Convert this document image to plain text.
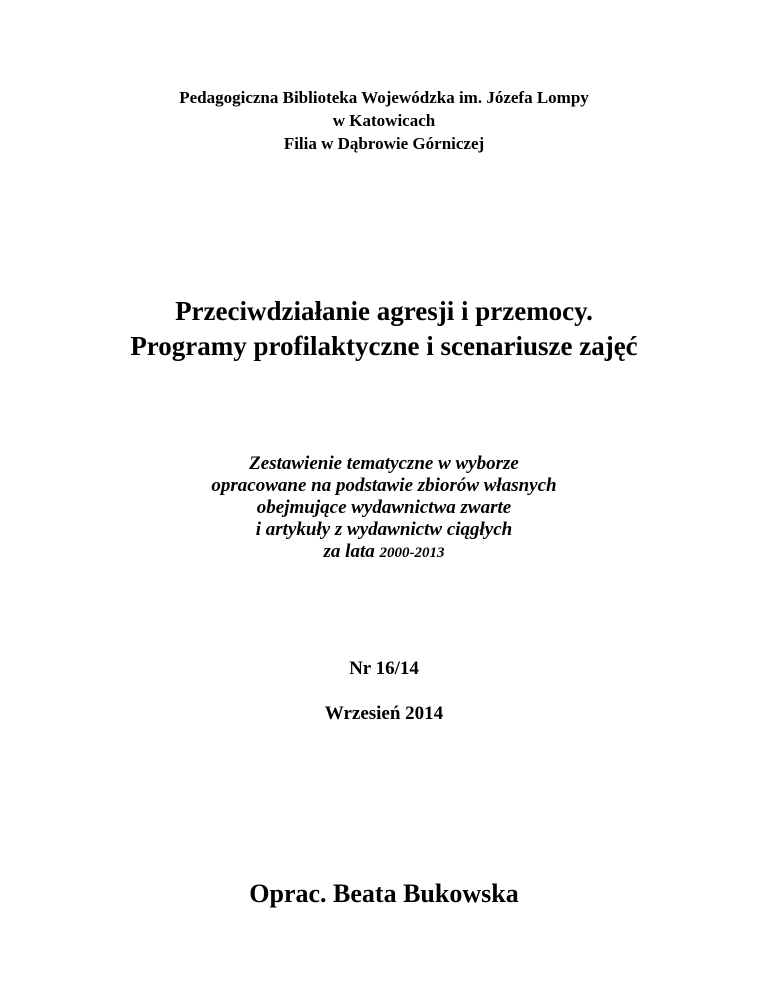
Pedagogiczna Biblioteka Wojewódzka im. Józefa Lompy
w Katowicach
Filia w Dąbrowie Górniczej
Przeciwdziałanie agresji i przemocy.
Programy profilaktyczne i scenariusze zajęć
Zestawienie tematyczne w wyborze
opracowane na podstawie zbiorów własnych
obejmujące wydawnictwa zwarte
i artykuły z wydawnictw ciągłych
za lata 2000-2013
Nr 16/14
Wrzesień 2014
Oprac. Beata Bukowska
